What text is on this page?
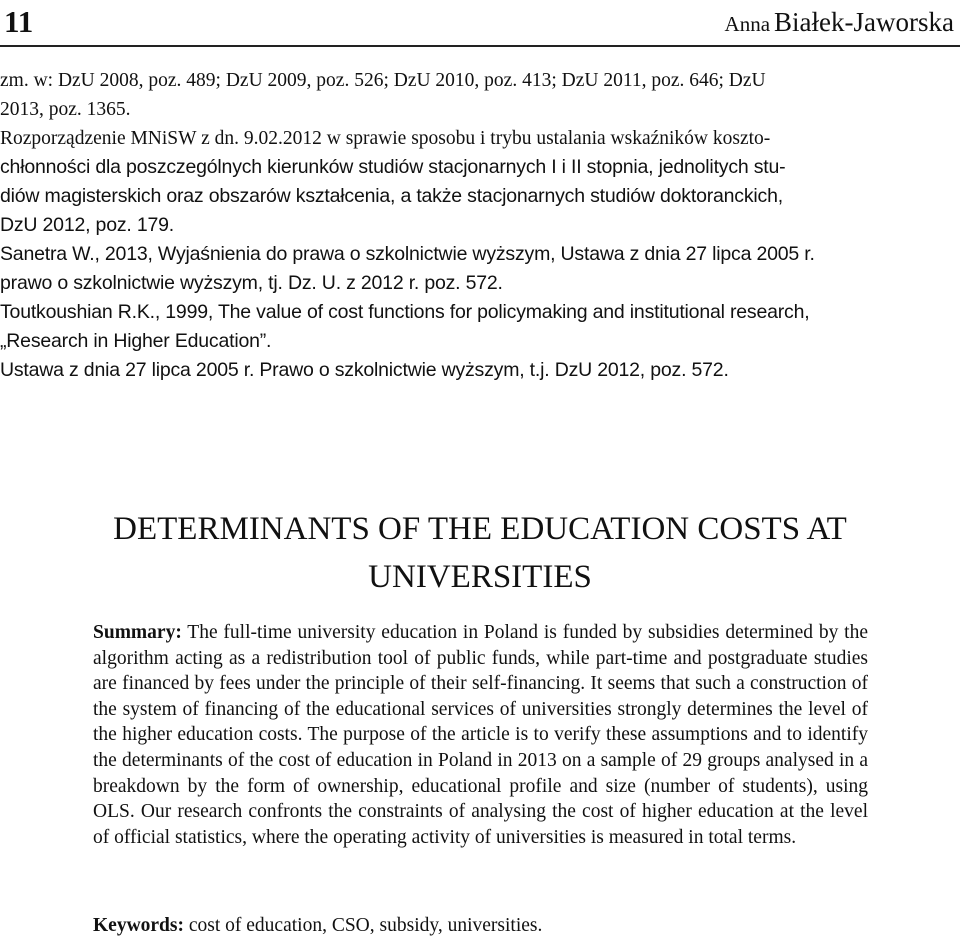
11	Anna Białek-Jaworska

zm. w: DzU 2008, poz. 489; DzU 2009, poz. 526; DzU 2010, poz. 413; DzU 2011, poz. 646; DzU
2013, poz. 1365.

Rozporządzenie MNiSW z dn. 9.02.2012 w sprawie sposobu i trybu ustalania wskaźników koszto-
chłonności dla poszczególnych kierunków studiów stacjonarnych I i II stopnia, jednolitych stu-
diów magisterskich oraz obszarów kształcenia, a także stacjonarnych studiów doktoranckich,
DzU 2012, poz. 179.

Sanetra W., 2013, Wyjaśnienia do prawa o szkolnictwie wyższym, Ustawa z dnia 27 lipca 2005 r.
prawo o szkolnictwie wyższym, tj. Dz. U. z 2012 r. poz. 572.

Toutkoushian R.K., 1999, The value of cost functions for policymaking and institutional research,
„Research in Higher Education”.

Ustawa z dnia 27 lipca 2005 r. Prawo o szkolnictwie wyższym, t.j. DzU 2012, poz. 572.

DETERMINANTS OF THE EDUCATION COSTS AT
UNIVERSITIES

Summary: The full-time university education in Poland is funded by subsidies determined by the algorithm acting as a redistribution tool of public funds, while part-time and postgraduate studies are financed by fees under the principle of their self-financing. It seems that such a construction of the system of financing of the educational services of universities strongly determines the level of the higher education costs. The purpose of the article is to verify these assumptions and to identify the determinants of the cost of education in Poland in 2013 on a sample of 29 groups analysed in a breakdown by the form of ownership, educational profile and size (number of students), using OLS. Our research confronts the constraints of analysing the cost of higher education at the level of official statistics, where the operating activity of universities is measured in total terms.

Keywords: cost of education, CSO, subsidy, universities.
